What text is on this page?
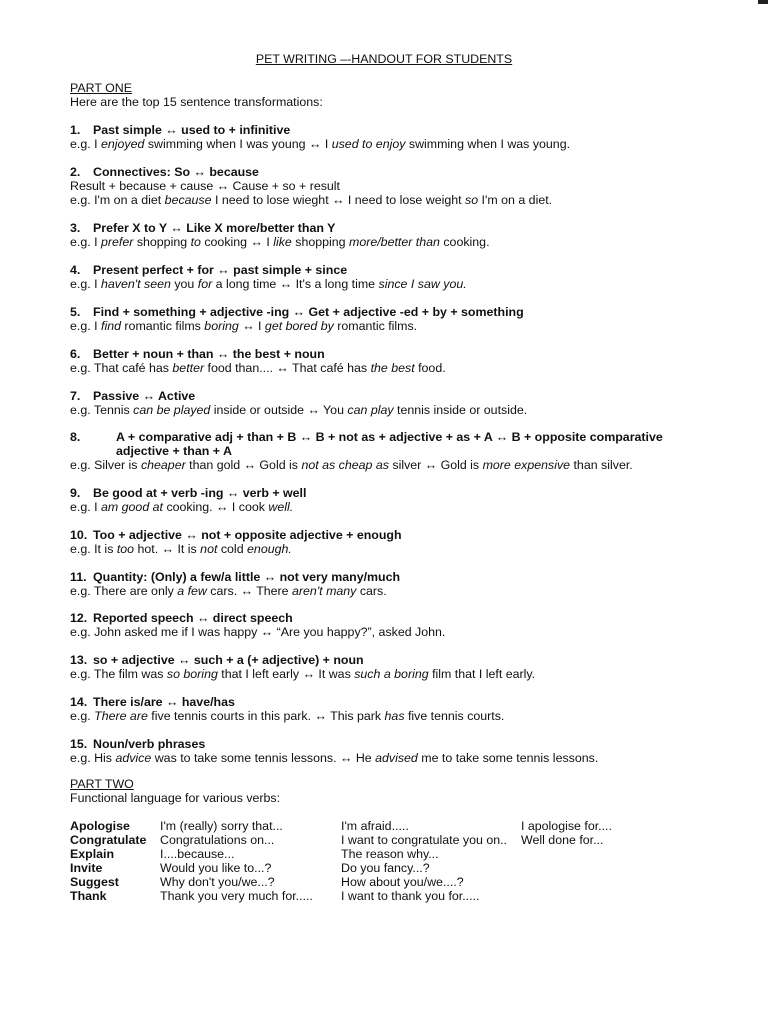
PET WRITING –-HANDOUT FOR STUDENTS
PART ONE
Here are the top 15 sentence transformations:
1. Past simple ↔ used to + infinitive
e.g. I enjoyed swimming when I was young ↔ I used to enjoy swimming when I was young.
2. Connectives: So ↔ because
Result + because + cause ↔ Cause + so + result
e.g. I'm on a diet because I need to lose wieght ↔ I need to lose weight so I'm on a diet.
3. Prefer X to Y ↔ Like X more/better than Y
e.g. I prefer shopping to cooking ↔ I like shopping more/better than cooking.
4. Present perfect + for ↔ past simple + since
e.g. I haven't seen you for a long time ↔ It's a long time since I saw you.
5. Find + something + adjective -ing ↔ Get + adjective -ed + by + something
e.g. I find romantic films boring ↔ I get bored by romantic films.
6. Better + noun + than ↔ the best + noun
e.g. That café has better food than.... ↔ That café has the best food.
7. Passive ↔ Active
e.g. Tennis can be played inside or outside ↔ You can play tennis inside or outside.
8.	A + comparative adj + than + B ↔ B + not as + adjective + as + A ↔ B + opposite comparative adjective + than + A
e.g. Silver is cheaper than gold ↔ Gold is not as cheap as silver ↔ Gold is more expensive than silver.
9. Be good at + verb -ing ↔ verb + well
e.g. I am good at cooking. ↔ I cook well.
10. Too + adjective ↔ not + opposite adjective + enough
e.g. It is too hot. ↔ It is not cold enough.
11. Quantity: (Only) a few/a little ↔ not very many/much
e.g. There are only a few cars. ↔ There aren't many cars.
12. Reported speech ↔ direct speech
e.g. John asked me if I was happy ↔ “Are you happy?”, asked John.
13. so + adjective ↔ such + a (+ adjective) + noun
e.g. The film was so boring that I left early ↔ It was such a boring film that I left early.
14. There is/are ↔ have/has
e.g. There are five tennis courts in this park. ↔ This park has five tennis courts.
15. Noun/verb phrases
e.g. His advice was to take some tennis lessons. ↔ He advised me to take some tennis lessons.
PART TWO
Functional language for various verbs:
Apologise	I'm (really) sorry that...	I'm afraid.....	I apologise for....
Congratulate	Congratulations on...	I want to congratulate you on..	Well done for...
Explain	I....because...	The reason why...	
Invite	Would you like to...?	Do you fancy...?	
Suggest	Why don't you/we...?	How about you/we....?	
Thank	Thank you very much for.....	I want to thank you for.....	
